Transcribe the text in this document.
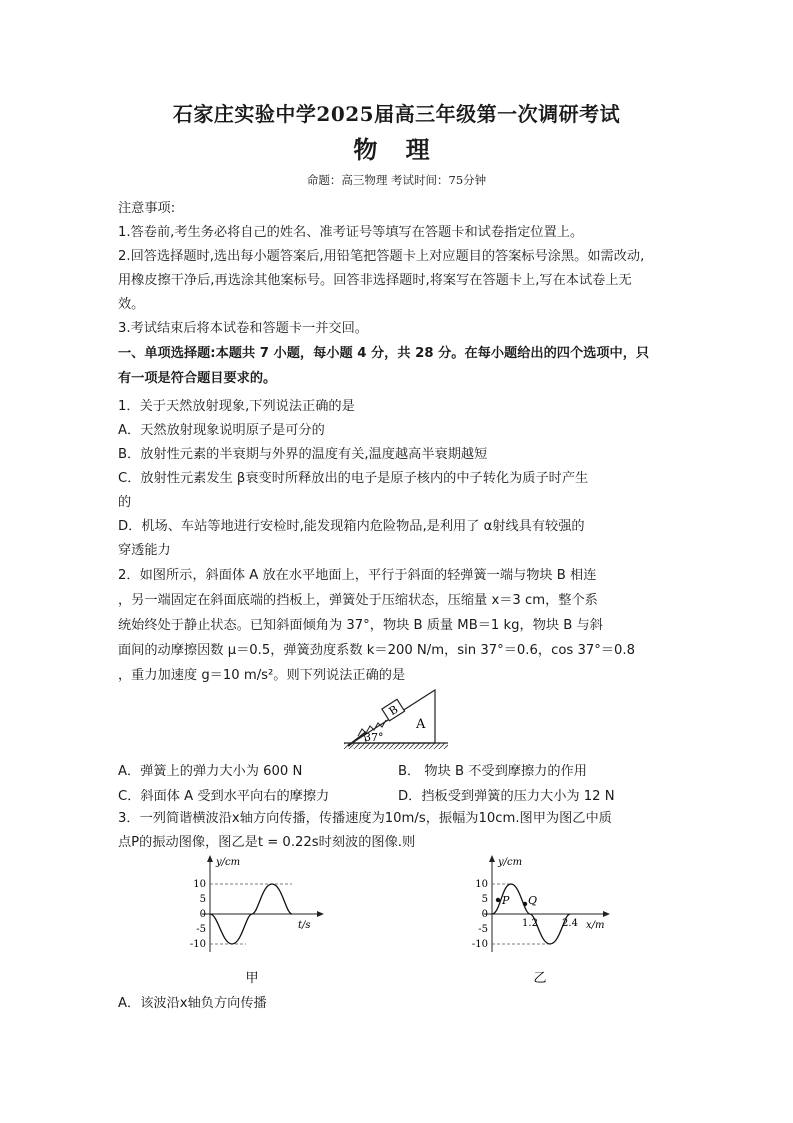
石家庄实验中学2025届高三年级第一次调研考试
物 理
命题：高三物理 考试时间：75分钟
注意事项:
1.答卷前,考生务必将自己的姓名、准考证号等填写在答题卡和试卷指定位置上。
2.回答选择题时,选出每小题答案后,用铅笔把答题卡上对应题目的答案标号涂黑。如需改动,
用橡皮擦干净后,再选涂其他案标号。回答非选择题时,将案写在答题卡上,写在本试卷上无
效。
3.考试结束后将本试卷和答题卡一并交回。
一、单项选择题:本题共 7 小题，每小题 4 分，共 28 分。在每小题给出的四个选项中，只
有一项是符合题目要求的。
1．关于天然放射现象,下列说法正确的是
A．天然放射现象说明原子是可分的
B．放射性元素的半衰期与外界的温度有关,温度越高半衰期越短
C．放射性元素发生 β衰变时所释放出的电子是原子核内的中子转化为质子时产生
的
D．机场、车站等地进行安检时,能发现箱内危险物品,是利用了 α射线具有较强的
穿透能力
2．如图所示，斜面体 A 放在水平地面上，平行于斜面的轻弹簧一端与物块 B 相连
，另一端固定在斜面底端的挡板上，弹簧处于压缩状态，压缩量 x＝3 cm，整个系
统始终处于静止状态。已知斜面倾角为 37°，物块 B 质量 MB＝1 kg，物块 B 与斜
面间的动摩擦因数 μ＝0.5，弹簧劲度系数 k＝200 N/m，sin 37°＝0.6，cos 37°＝0.8
，重力加速度 g＝10 m/s²。则下列说法正确的是
B
A
37°
A．弹簧上的弹力大小为 600 N	B． 物块 B 不受到摩擦力的作用
C．斜面体 A 受到水平向右的摩擦力	D．挡板受到弹簧的压力大小为 12 N
3．一列简谐横波沿x轴方向传播，传播速度为10m/s，振幅为10cm.图甲为图乙中质
点P的振动图像，图乙是t = 0.22s时刻波的图像.则
y/cm
t/s
10
5
0
-5
-10
甲
y/cm
x/m
10
5
0
-5
-10
P Q
1.2 2.4
乙
A．该波沿x轴负方向传播
